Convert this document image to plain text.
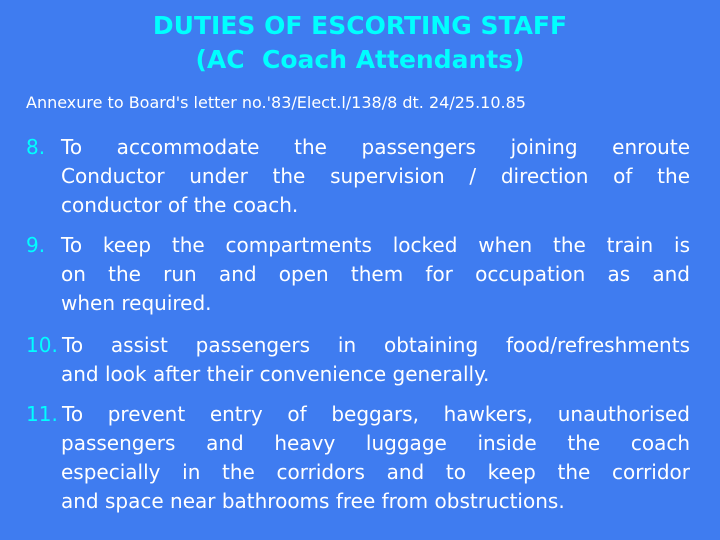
DUTIES OF ESCORTING STAFF
(AC  Coach Attendants)
Annexure to Board's letter no.'83/Elect.l/138/8 dt. 24/25.10.85
8. To accommodate the passengers joining enroute
Conductor under the supervision / direction of the
conductor of the coach.
9. To keep the compartments locked when the train is
on the run and open them for occupation as and
when required.
10. To assist passengers in obtaining food/refreshments
and look after their convenience generally.
11. To prevent entry of beggars, hawkers, unauthorised
passengers and heavy luggage inside the coach
especially in the corridors and to keep the corridor
and space near bathrooms free from obstructions.
